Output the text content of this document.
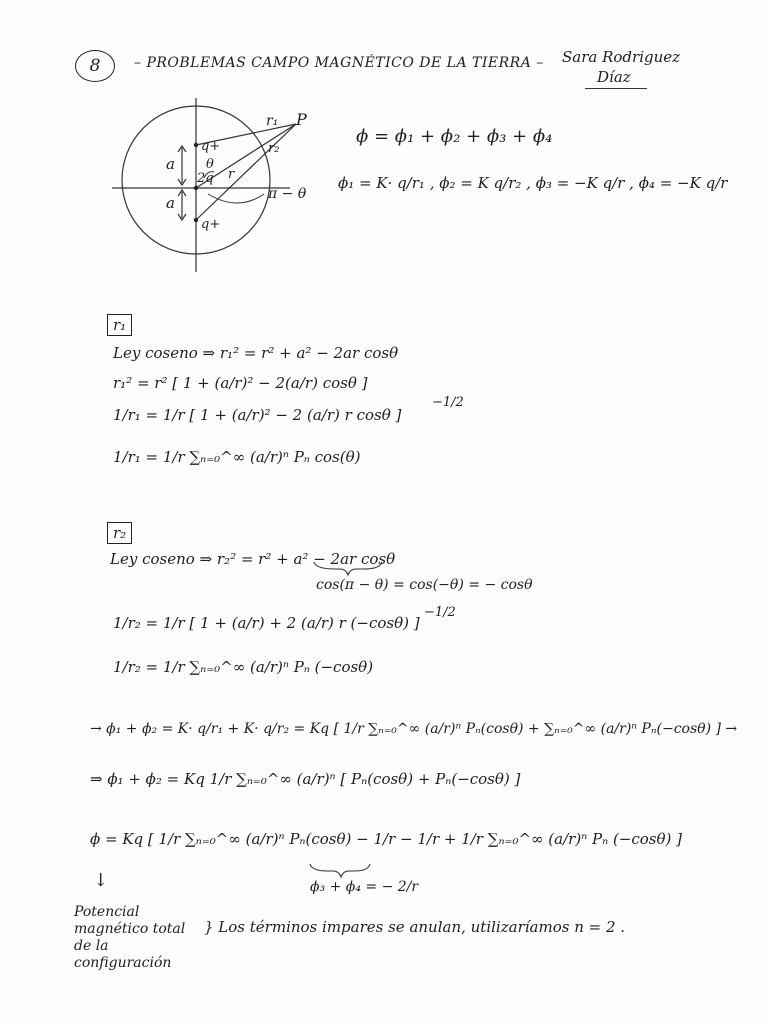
8	– PROBLEMAS CAMPO MAGNÉTICO DE LA TIERRA – Sara Rodriguez
Díaz
r₁ P
r₂
θ
r
a
a
q+
2q
q+
π − θ
ϕ = ϕ₁ + ϕ₂ + ϕ₃ + ϕ₄
ϕ₁ = K· q/r₁ , ϕ₂ = K q/r₂ , ϕ₃ = −K q/r , ϕ₄ = −K q/r
r₁
Ley coseno ⇒ r₁² = r² + a² − 2ar cosθ
r₁² = r² [ 1 + (a/r)² − 2(a/r) cosθ ]
1/r₁ = 1/r [ 1 + (a/r)² − 2 (a/r) r cosθ ]
−1/2
1/r₁ = 1/r ∑ₙ₌₀^∞ (a/r)ⁿ Pₙ cos(θ)
r₂
Ley coseno ⇒ r₂² = r² + a² − 2ar cosθ
cos(π − θ) = cos(−θ) = − cosθ
1/r₂ = 1/r [ 1 + (a/r) + 2 (a/r) r (−cosθ) ]
−1/2
1/r₂ = 1/r ∑ₙ₌₀^∞ (a/r)ⁿ Pₙ (−cosθ)
→ ϕ₁ + ϕ₂ = K· q/r₁ + K· q/r₂ = Kq [ 1/r ∑ₙ₌₀^∞ (a/r)ⁿ Pₙ(cosθ) + ∑ₙ₌₀^∞ (a/r)ⁿ Pₙ(−cosθ) ] →
⇒ ϕ₁ + ϕ₂ = Kq 1/r ∑ₙ₌₀^∞ (a/r)ⁿ [ Pₙ(cosθ) + Pₙ(−cosθ) ]
ϕ = Kq [ 1/r ∑ₙ₌₀^∞ (a/r)ⁿ Pₙ(cosθ) − 1/r − 1/r + 1/r ∑ₙ₌₀^∞ (a/r)ⁿ Pₙ (−cosθ) ]
ϕ₃ + ϕ₄ = − 2/r
↓
Potencial magnético total de la configuración
} Los términos impares se anulan, utilizaríamos n = 2 .
